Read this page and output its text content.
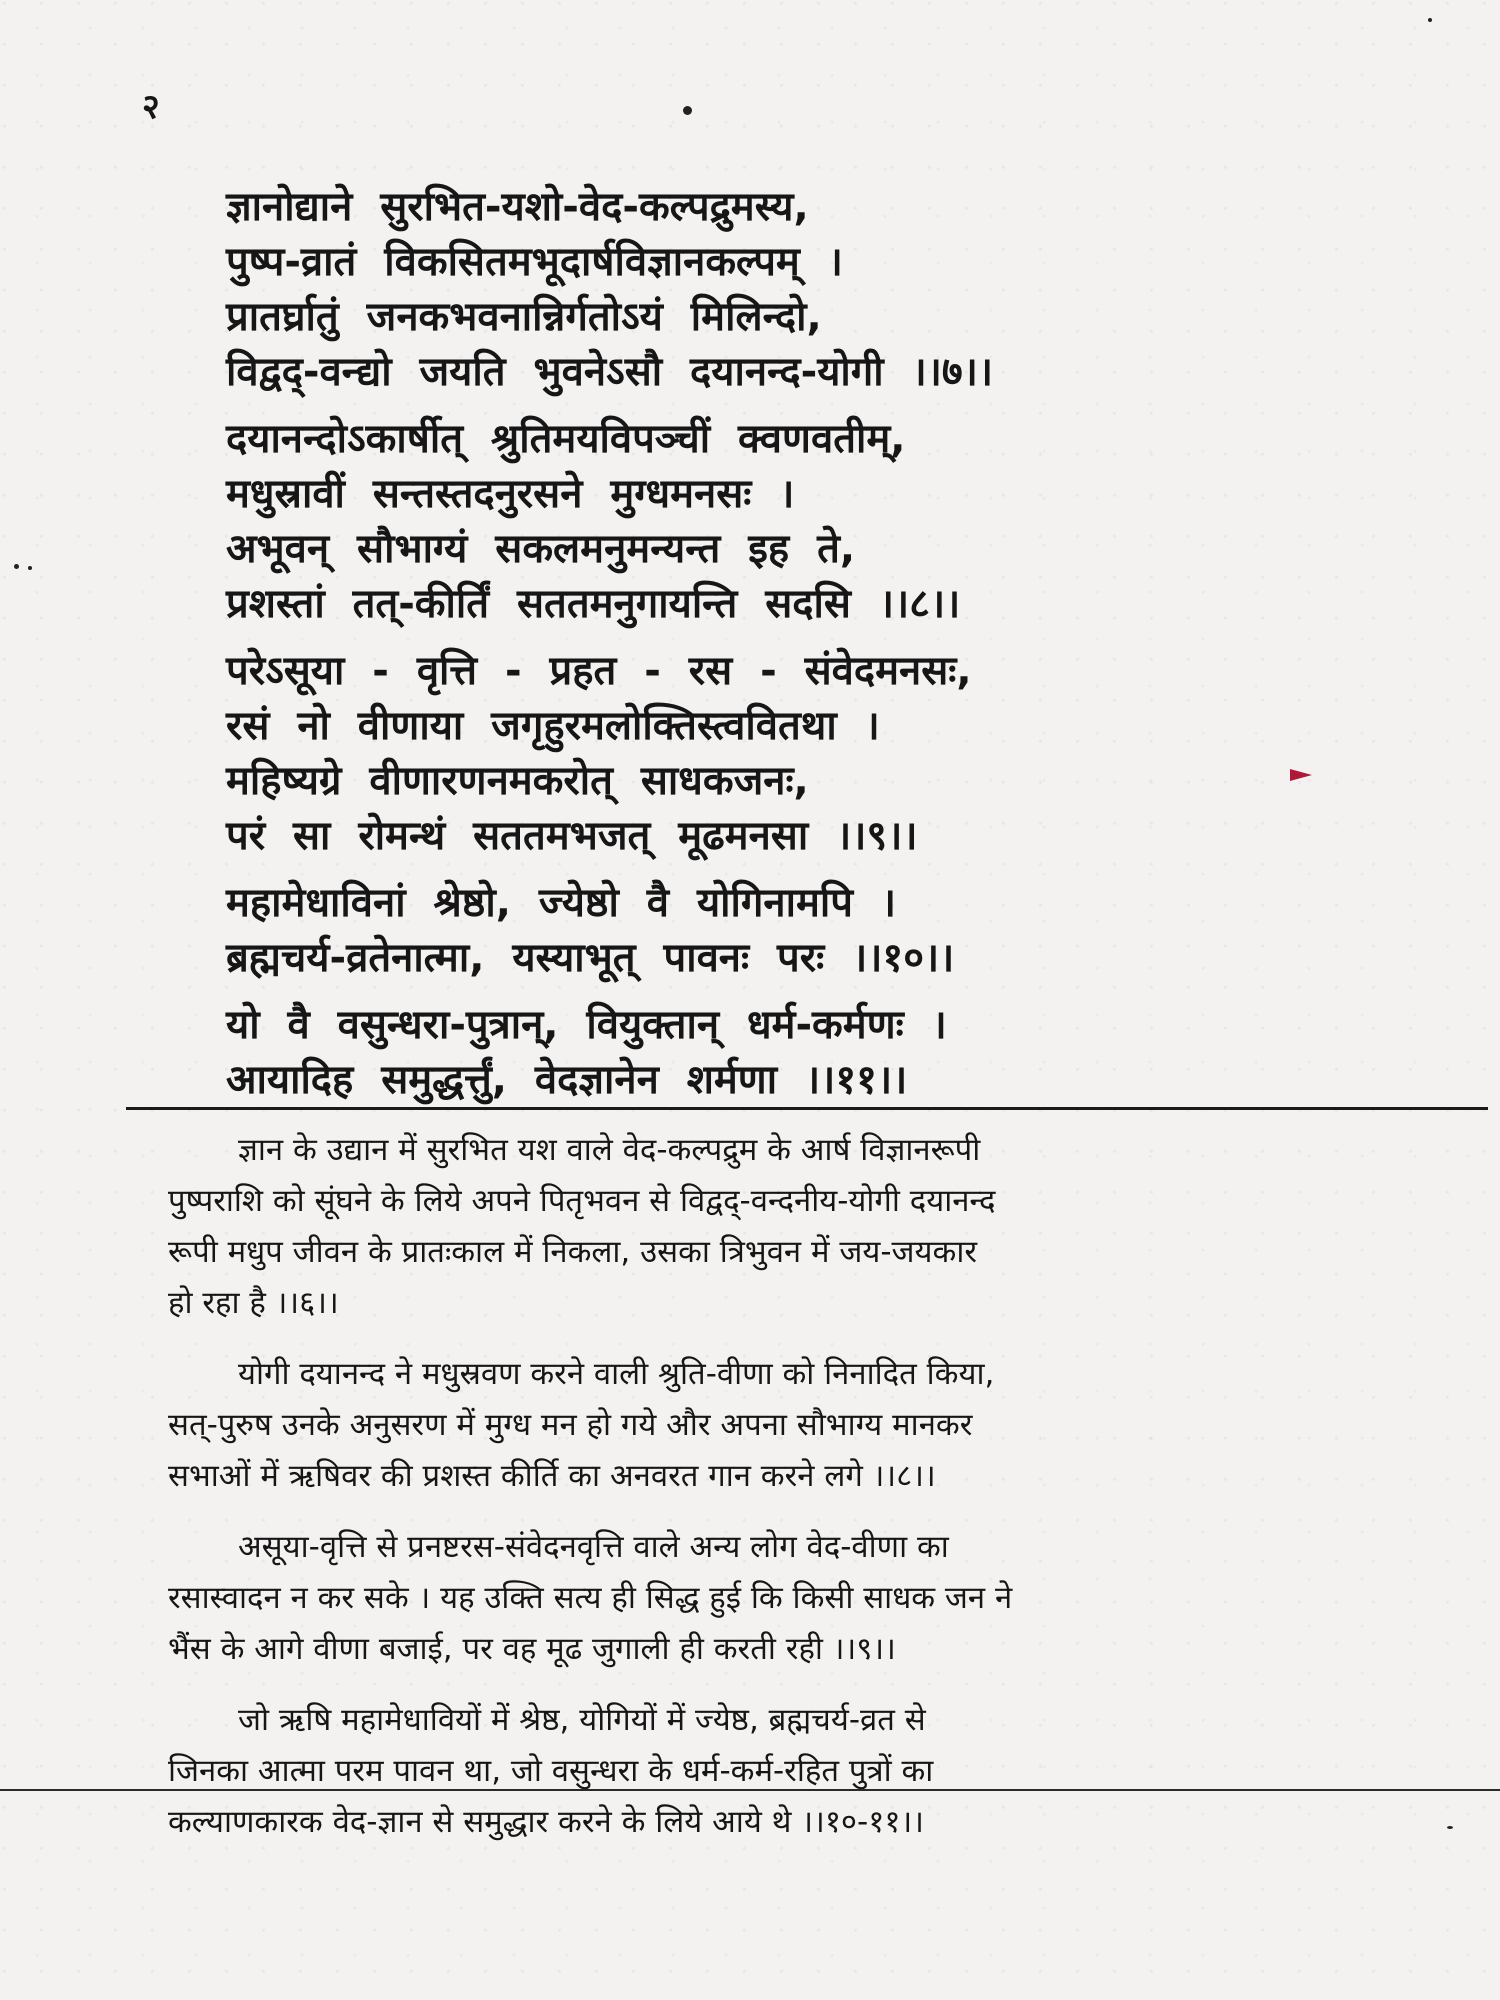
२
ज्ञानोद्याने सुरभित-यशो-वेद-कल्पद्रुमस्य,
पुष्प-व्रातं विकसितमभूदार्षविज्ञानकल्पम् ।
प्रातर्घ्रातुं जनकभवनान्निर्गतोऽयं मिलिन्दो,
विद्वद्-वन्द्यो जयति भुवनेऽसौ दयानन्द-योगी ।।७।।
दयानन्दोऽकार्षीत् श्रुतिमयविपञ्चीं क्वणवतीम्,
मधुस्रावीं सन्तस्तदनुरसने मुग्धमनसः ।
अभूवन् सौभाग्यं सकलमनुमन्यन्त इह ते,
प्रशस्तां तत्-कीर्तिं सततमनुगायन्ति सदसि ।।८।।
परेऽसूया - वृत्ति - प्रहत - रस - संवेदमनसः,
रसं नो वीणाया जगृहुरमलोक्तिस्त्ववितथा ।
महिष्यग्रे वीणारणनमकरोत् साधकजनः,
परं सा रोमन्थं सततमभजत् मूढमनसा ।।९।।
महामेधाविनां श्रेष्ठो, ज्येष्ठो वै योगिनामपि ।
ब्रह्मचर्य-व्रतेनात्मा, यस्याभूत् पावनः परः ।।१०।।
यो वै वसुन्धरा-पुत्रान्, वियुक्तान् धर्म-कर्मणः ।
आयादिह समुद्धर्त्तुं, वेदज्ञानेन शर्मणा ।।११।।
ज्ञान के उद्यान में सुरभित यश वाले वेद-कल्पद्रुम के आर्ष विज्ञानरूपी
पुष्पराशि को सूंघने के लिये अपने पितृभवन से विद्वद्-वन्दनीय-योगी दयानन्द
रूपी मधुप जीवन के प्रातःकाल में निकला, उसका त्रिभुवन में जय-जयकार
हो रहा है ।।६।।
योगी दयानन्द ने मधुस्रवण करने वाली श्रुति-वीणा को निनादित किया,
सत्-पुरुष उनके अनुसरण में मुग्ध मन हो गये और अपना सौभाग्य मानकर
सभाओं में ऋषिवर की प्रशस्त कीर्ति का अनवरत गान करने लगे ।।८।।
असूया-वृत्ति से प्रनष्टरस-संवेदनवृत्ति वाले अन्य लोग वेद-वीणा का
रसास्वादन न कर सके । यह उक्ति सत्य ही सिद्ध हुई कि किसी साधक जन ने
भैंस के आगे वीणा बजाई, पर वह मूढ जुगाली ही करती रही ।।९।।
जो ऋषि महामेधावियों में श्रेष्ठ, योगियों में ज्येष्ठ, ब्रह्मचर्य-व्रत से
जिनका आत्मा परम पावन था, जो वसुन्धरा के धर्म-कर्म-रहित पुत्रों का
कल्याणकारक वेद-ज्ञान से समुद्धार करने के लिये आये थे ।।१०-११।।
